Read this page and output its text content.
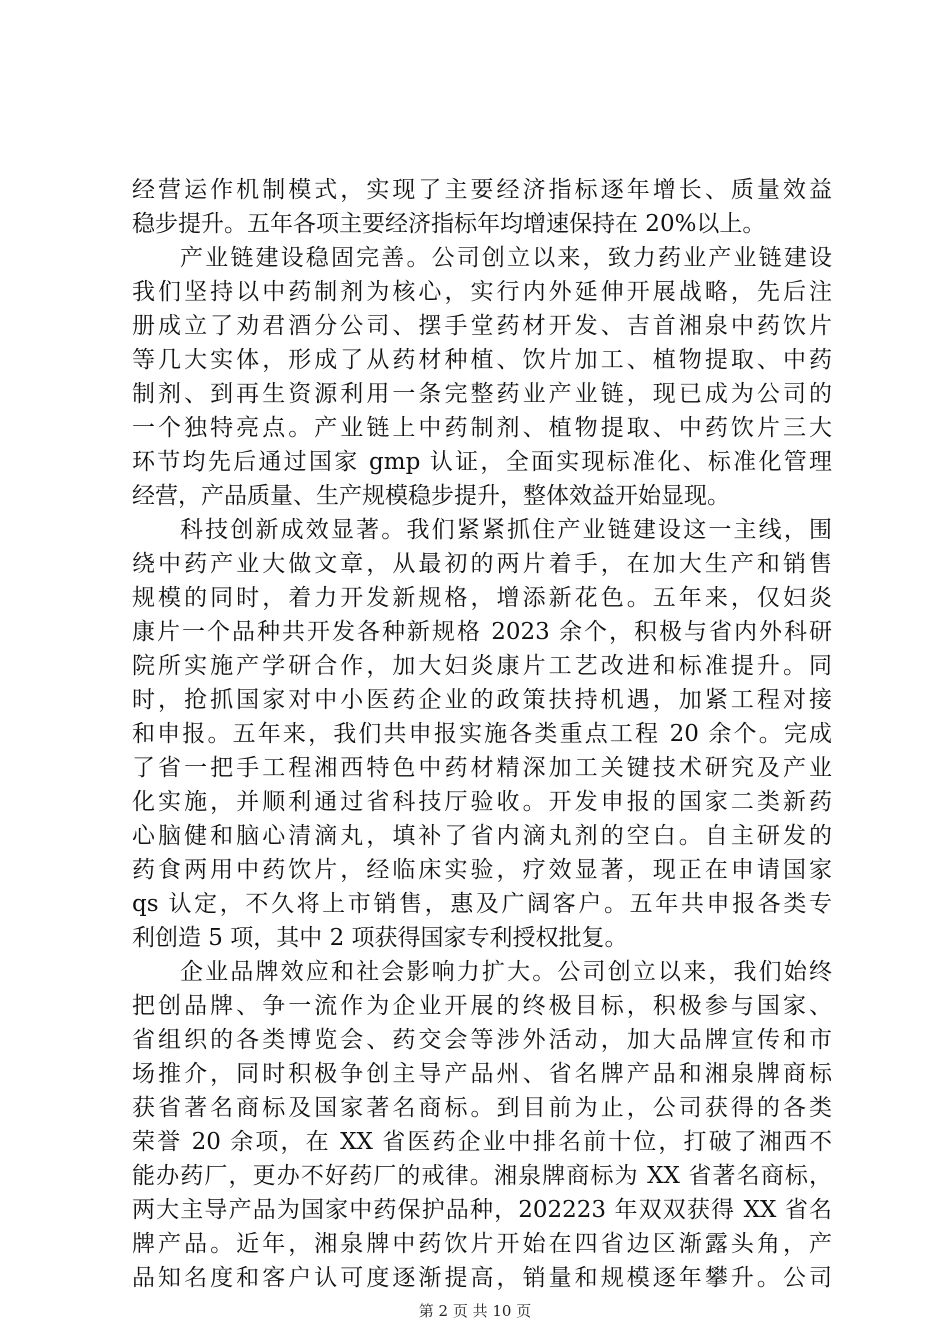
经营运作机制模式，实现了主要经济指标逐年增长、质量效益
稳步提升。五年各项主要经济指标年均增速保持在 20%以上。
产业链建设稳固完善。公司创立以来，致力药业产业链建设
我们坚持以中药制剂为核心，实行内外延伸开展战略，先后注
册成立了劝君酒分公司、摆手堂药材开发、吉首湘泉中药饮片
等几大实体，形成了从药材种植、饮片加工、植物提取、中药
制剂、到再生资源利用一条完整药业产业链，现已成为公司的
一个独特亮点。产业链上中药制剂、植物提取、中药饮片三大
环节均先后通过国家 gmp 认证，全面实现标准化、标准化管理
经营，产品质量、生产规模稳步提升，整体效益开始显现。
科技创新成效显著。我们紧紧抓住产业链建设这一主线，围
绕中药产业大做文章，从最初的两片着手，在加大生产和销售
规模的同时，着力开发新规格，增添新花色。五年来，仅妇炎
康片一个品种共开发各种新规格 2023 余个，积极与省内外科研
院所实施产学研合作，加大妇炎康片工艺改进和标准提升。同
时，抢抓国家对中小医药企业的政策扶持机遇，加紧工程对接
和申报。五年来，我们共申报实施各类重点工程 20 余个。完成
了省一把手工程湘西特色中药材精深加工关键技术研究及产业
化实施，并顺利通过省科技厅验收。开发申报的国家二类新药
心脑健和脑心清滴丸，填补了省内滴丸剂的空白。自主研发的
药食两用中药饮片，经临床实验，疗效显著，现正在申请国家
qs 认定，不久将上市销售，惠及广阔客户。五年共申报各类专
利创造 5 项，其中 2 项获得国家专利授权批复。
企业品牌效应和社会影响力扩大。公司创立以来，我们始终
把创品牌、争一流作为企业开展的终极目标，积极参与国家、
省组织的各类博览会、药交会等涉外活动，加大品牌宣传和市
场推介，同时积极争创主导产品州、省名牌产品和湘泉牌商标
获省著名商标及国家著名商标。到目前为止，公司获得的各类
荣誉 20 余项，在 XX 省医药企业中排名前十位，打破了湘西不
能办药厂，更办不好药厂的戒律。湘泉牌商标为 XX 省著名商标，
两大主导产品为国家中药保护品种，202223 年双双获得 XX 省名
牌产品。近年，湘泉牌中药饮片开始在四省边区渐露头角，产
品知名度和客户认可度逐渐提高，销量和规模逐年攀升。公司
第 2 页 共 10 页
